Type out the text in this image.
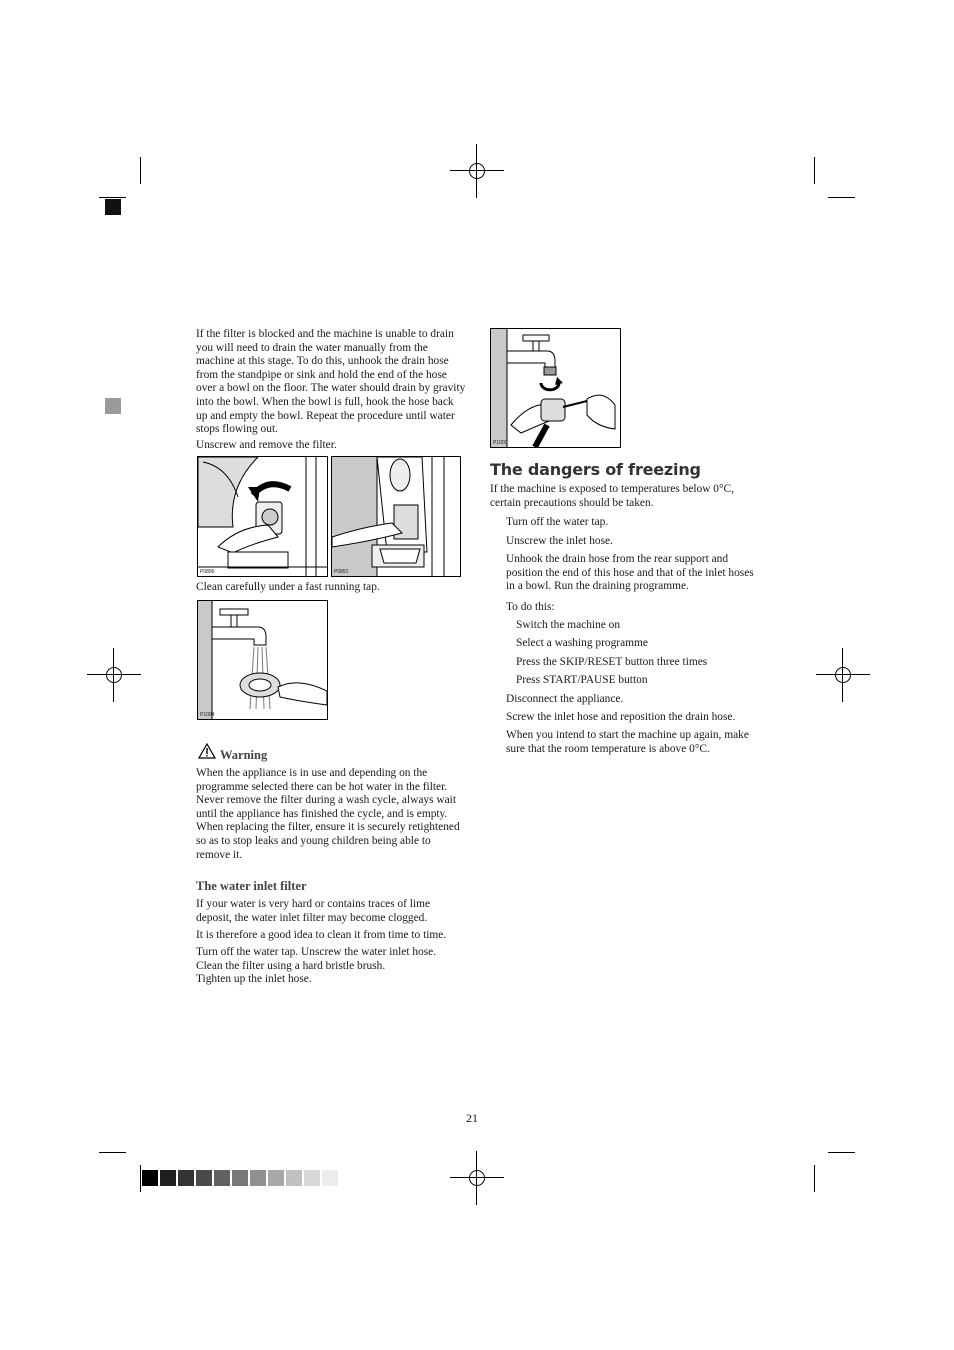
If the filter is blocked and the machine is unable to drain you will need to drain the water manually from the machine at this stage. To do this, unhook the drain hose from the standpipe or sink and hold the end of the hose over a bowl on the floor. The water should drain by gravity into the bowl. When the bowl is full, hook the hose back up and empty the bowl. Repeat the procedure until water stops flowing out.

Unscrew and remove the filter.

P0890	P0891

Clean carefully under a fast running tap.

P1004
Warning

When the appliance is in use and depending on the programme selected there can be hot water in the filter. Never remove the filter during a wash cycle, always wait until the appliance has finished the cycle, and is empty. When replacing the filter, ensure it is securely retightened so as to stop leaks and young children being able to remove it.

The water inlet filter

If your water is very hard or contains traces of lime deposit, the water inlet filter may become clogged.

It is therefore a good idea to clean it from time to time.

Turn off the water tap. Unscrew the water inlet hose.

Clean the filter using a hard bristle brush.

Tighten up the inlet hose.

P1000
The dangers of freezing

If the machine is exposed to temperatures below 0°C, certain precautions should be taken.

Turn off the water tap.

Unscrew the inlet hose.

Unhook the drain hose from the rear support and position the end of this hose and that of the inlet hoses in a bowl. Run the draining programme.

To do this:

Switch the machine on

Select a washing programme

Press the SKIP/RESET button three times

Press START/PAUSE button

Disconnect the appliance.

Screw the inlet hose and reposition the drain hose.

When you intend to start the machine up again, make sure that the room temperature is above 0°C.

21
